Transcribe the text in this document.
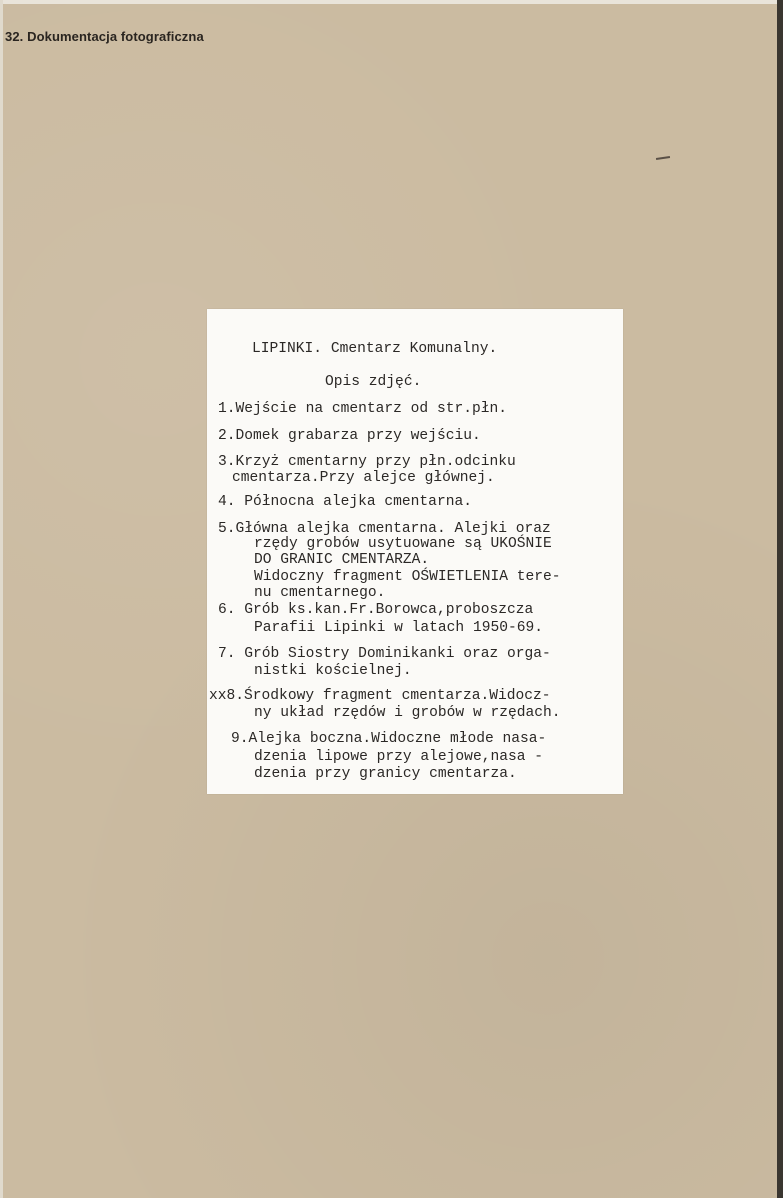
32. Dokumentacja fotograficzna
LIPINKI. Cmentarz Komunalny.
Opis zdjęć.
1.Wejście na cmentarz od str.płn.
2.Domek grabarza przy wejściu.
3.Krzyż cmentarny przy płn.odcinku
cmentarza.Przy alejce głównej.
4. Północna alejka cmentarna.
5.Główna alejka cmentarna. Alejki oraz
rzędy grobów usytuowane są UKOŚNIE
DO GRANIC CMENTARZA.
Widoczny fragment OŚWIETLENIA tere-
nu cmentarnego.
6. Grób ks.kan.Fr.Borowca,proboszcza
Parafii Lipinki w latach 1950-69.
7. Grób Siostry Dominikanki oraz orga-
nistki kościelnej.
xx8.Środkowy fragment cmentarza.Widocz-
ny układ rzędów i grobów w rzędach.
9.Alejka boczna.Widoczne młode nasa-
dzenia lipowe przy alejowe,nasa -
dzenia przy granicy cmentarza.
